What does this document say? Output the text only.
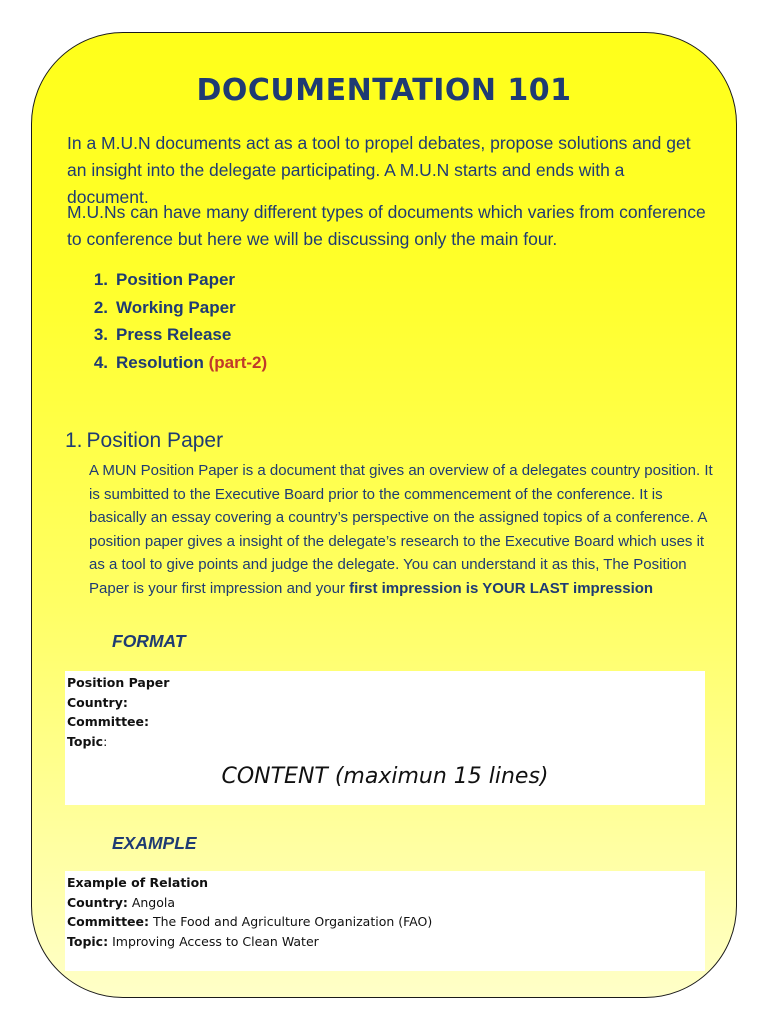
DOCUMENTATION 101

In a M.U.N documents act as a tool to propel debates, propose solutions and get an insight into the delegate participating. A M.U.N starts and ends with a document.

M.U.Ns can have many different types of documents which varies from conference to conference but here we will be discussing only the main four.

1. Position Paper
2. Working Paper
3. Press Release
4. Resolution (part-2)
1. Position Paper

A MUN Position Paper is a document that gives an overview of a delegates country position. It is sumbitted to the Executive Board prior to the commencement of the conference. It is basically an essay covering a country’s perspective on the assigned topics of a conference. A position paper gives a insight of the delegate’s research to the Executive Board which uses it as a tool to give points and judge the delegate. You can understand it as this, The Position Paper is your first impression and your first impression is YOUR LAST impression

FORMAT
Position Paper
Country:
Committee:
Topic:
CONTENT (maximun 15 lines)
EXAMPLE
Example of Relation
Country: Angola
Committee: The Food and Agriculture Organization (FAO)
Topic: Improving Access to Clean Water
